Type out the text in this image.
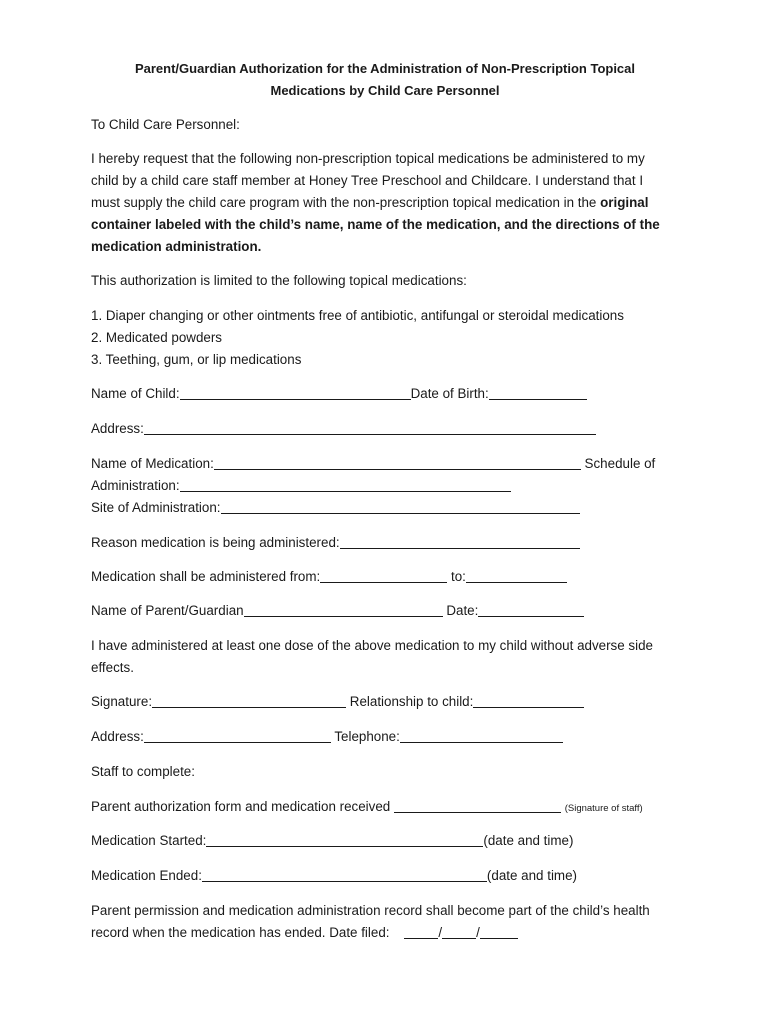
Parent/Guardian Authorization for the Administration of Non-Prescription Topical
Medications by Child Care Personnel
To Child Care Personnel:
I hereby request that the following non-prescription topical medications be administered to my
child by a child care staff member at Honey Tree Preschool and Childcare. I understand that I
must supply the child care program with the non-prescription topical medication in the original
container labeled with the child’s name, name of the medication, and the directions of the
medication administration.
This authorization is limited to the following topical medications:
1. Diaper changing or other ointments free of antibiotic, antifungal or steroidal medications
2. Medicated powders
3. Teething, gum, or lip medications
Name of Child:	Date of Birth:
Address:
Name of Medication:	Schedule of
Administration:
Site of Administration:
Reason medication is being administered:
Medication shall be administered from:	to:
Name of Parent/Guardian	Date:
I have administered at least one dose of the above medication to my child without adverse side
effects.
Signature:	Relationship to child:
Address:	Telephone:
Staff to complete:
Parent authorization form and medication received	(Signature of staff)
Medication Started:	(date and time)
Medication Ended:	(date and time)
Parent permission and medication administration record shall become part of the child’s health
record when the medication has ended. Date filed:	/	/
